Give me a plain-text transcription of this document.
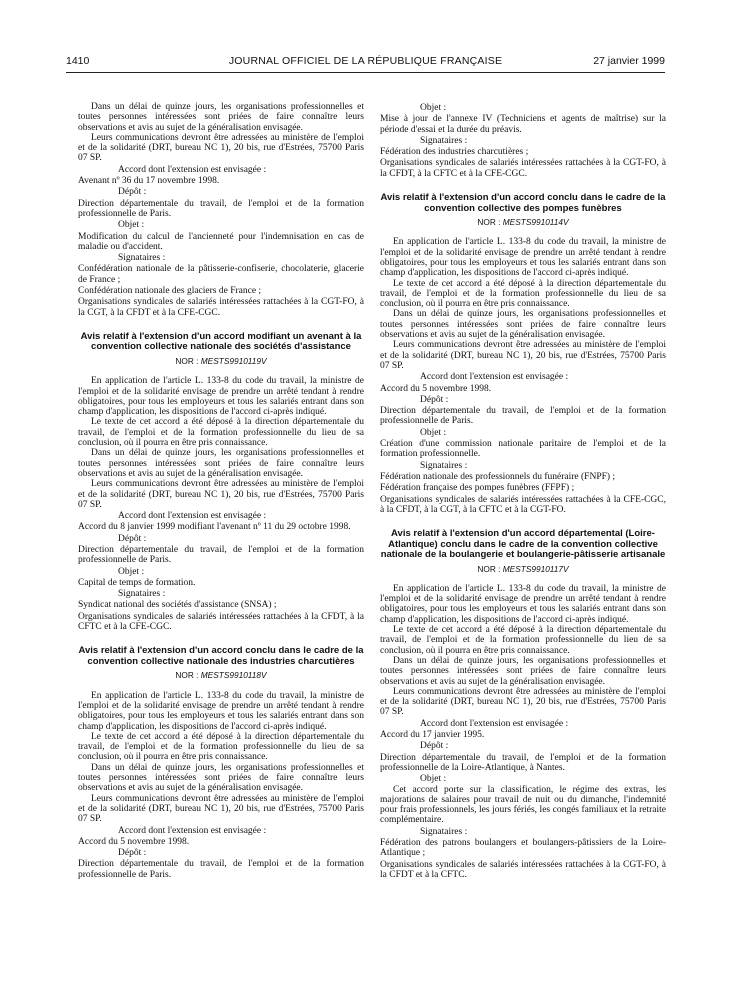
1410	JOURNAL OFFICIEL DE LA RÉPUBLIQUE FRANÇAISE	27 janvier 1999

Dans un délai de quinze jours, les organisations professionnelles et toutes personnes intéressées sont priées de faire connaître leurs observations et avis au sujet de la généralisation envisagée.

Leurs communications devront être adressées au ministère de l'emploi et de la solidarité (DRT, bureau NC 1), 20 bis, rue d'Estrées, 75700 Paris 07 SP.

Accord dont l'extension est envisagée :

Avenant nº 36 du 17 novembre 1998.

Dépôt :

Direction départementale du travail, de l'emploi et de la formation professionnelle de Paris.

Objet :

Modification du calcul de l'ancienneté pour l'indemnisation en cas de maladie ou d'accident.

Signataires :

Confédération nationale de la pâtisserie-confiserie, chocolaterie, glacerie de France ;

Confédération nationale des glaciers de France ;

Organisations syndicales de salariés intéressées rattachées à la CGT-FO, à la CGT, à la CFDT et à la CFE-CGC.

Avis relatif à l'extension d'un accord modifiant un avenant à la convention collective nationale des sociétés d'assistance
NOR : MESTS9910119V

En application de l'article L. 133-8 du code du travail, la ministre de l'emploi et de la solidarité envisage de prendre un arrêté tendant à rendre obligatoires, pour tous les employeurs et tous les salariés entrant dans son champ d'application, les dispositions de l'accord ci-après indiqué.

Le texte de cet accord a été déposé à la direction départementale du travail, de l'emploi et de la formation professionnelle du lieu de sa conclusion, où il pourra en être pris connaissance.

Dans un délai de quinze jours, les organisations professionnelles et toutes personnes intéressées sont priées de faire connaître leurs observations et avis au sujet de la généralisation envisagée.

Leurs communications devront être adressées au ministère de l'emploi et de la solidarité (DRT, bureau NC 1), 20 bis, rue d'Estrées, 75700 Paris 07 SP.

Accord dont l'extension est envisagée :

Accord du 8 janvier 1999 modifiant l'avenant nº 11 du 29 octobre 1998.

Dépôt :

Direction départementale du travail, de l'emploi et de la formation professionnelle de Paris.

Objet :

Capital de temps de formation.

Signataires :

Syndicat national des sociétés d'assistance (SNSA) ;

Organisations syndicales de salariés intéressées rattachées à la CFDT, à la CFTC et à la CFE-CGC.

Avis relatif à l'extension d'un accord conclu dans le cadre de la convention collective nationale des industries charcutières
NOR : MESTS9910118V

En application de l'article L. 133-8 du code du travail, la ministre de l'emploi et de la solidarité envisage de prendre un arrêté tendant à rendre obligatoires, pour tous les employeurs et tous les salariés entrant dans son champ d'application, les dispositions de l'accord ci-après indiqué.

Le texte de cet accord a été déposé à la direction départementale du travail, de l'emploi et de la formation professionnelle du lieu de sa conclusion, où il pourra en être pris connaissance.

Dans un délai de quinze jours, les organisations professionnelles et toutes personnes intéressées sont priées de faire connaître leurs observations et avis au sujet de la généralisation envisagée.

Leurs communications devront être adressées au ministère de l'emploi et de la solidarité (DRT, bureau NC 1), 20 bis, rue d'Estrées, 75700 Paris 07 SP.

Accord dont l'extension est envisagée :

Accord du 5 novembre 1998.

Dépôt :

Direction départementale du travail, de l'emploi et de la formation professionnelle de Paris.

Objet :

Mise à jour de l'annexe IV (Techniciens et agents de maîtrise) sur la période d'essai et la durée du préavis.

Signataires :

Fédération des industries charcutières ;

Organisations syndicales de salariés intéressées rattachées à la CGT-FO, à la CFDT, à la CFTC et à la CFE-CGC.

Avis relatif à l'extension d'un accord conclu dans le cadre de la convention collective des pompes funèbres
NOR : MESTS9910114V

En application de l'article L. 133-8 du code du travail, la ministre de l'emploi et de la solidarité envisage de prendre un arrêté tendant à rendre obligatoires, pour tous les employeurs et tous les salariés entrant dans son champ d'application, les dispositions de l'accord ci-après indiqué.

Le texte de cet accord a été déposé à la direction départementale du travail, de l'emploi et de la formation professionnelle du lieu de sa conclusion, où il pourra en être pris connaissance.

Dans un délai de quinze jours, les organisations professionnelles et toutes personnes intéressées sont priées de faire connaître leurs observations et avis au sujet de la généralisation envisagée.

Leurs communications devront être adressées au ministère de l'emploi et de la solidarité (DRT, bureau NC 1), 20 bis, rue d'Estrées, 75700 Paris 07 SP.

Accord dont l'extension est envisagée :

Accord du 5 novembre 1998.

Dépôt :

Direction départementale du travail, de l'emploi et de la formation professionnelle de Paris.

Objet :

Création d'une commission nationale paritaire de l'emploi et de la formation professionnelle.

Signataires :

Fédération nationale des professionnels du funéraire (FNPF) ;

Fédération française des pompes funèbres (FFPF) ;

Organisations syndicales de salariés intéressées rattachées à la CFE-CGC, à la CFDT, à la CGT, à la CFTC et à la CGT-FO.

Avis relatif à l'extension d'un accord départemental (Loire-Atlantique) conclu dans le cadre de la convention collective nationale de la boulangerie et boulangerie-pâtisserie artisanale
NOR : MESTS9910117V

En application de l'article L. 133-8 du code du travail, la ministre de l'emploi et de la solidarité envisage de prendre un arrêté tendant à rendre obligatoires, pour tous les employeurs et tous les salariés entrant dans son champ d'application, les dispositions de l'accord ci-après indiqué.

Le texte de cet accord a été déposé à la direction départementale du travail, de l'emploi et de la formation professionnelle du lieu de sa conclusion, où il pourra en être pris connaissance.

Dans un délai de quinze jours, les organisations professionnelles et toutes personnes intéressées sont priées de faire connaître leurs observations et avis au sujet de la généralisation envisagée.

Leurs communications devront être adressées au ministère de l'emploi et de la solidarité (DRT, bureau NC 1), 20 bis, rue d'Estrées, 75700 Paris 07 SP.

Accord dont l'extension est envisagée :

Accord du 17 janvier 1995.

Dépôt :

Direction départementale du travail, de l'emploi et de la formation professionnelle de la Loire-Atlantique, à Nantes.

Objet :

Cet accord porte sur la classification, le régime des extras, les majorations de salaires pour travail de nuit ou du dimanche, l'indemnité pour frais professionnels, les jours fériés, les congés familiaux et la retraite complémentaire.

Signataires :

Fédération des patrons boulangers et boulangers-pâtissiers de la Loire-Atlantique ;

Organisations syndicales de salariés intéressées rattachées à la CGT-FO, à la CFDT et à la CFTC.
